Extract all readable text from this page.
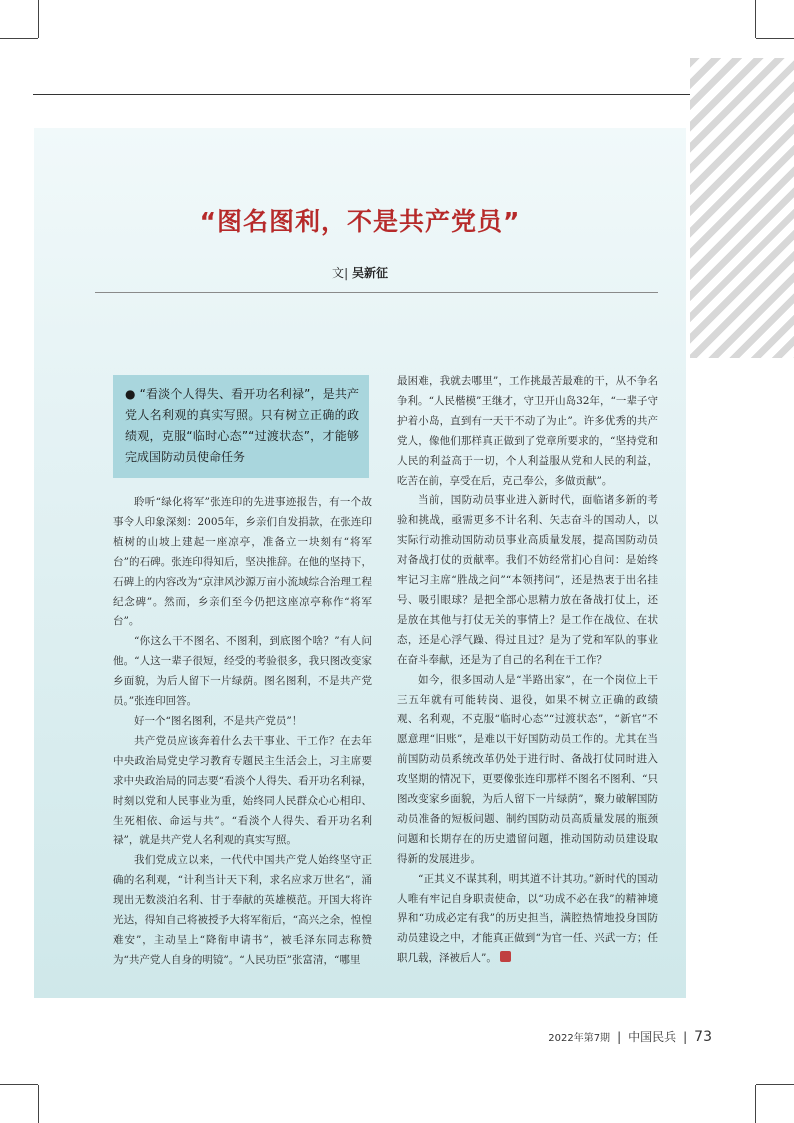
“图名图利，不是共产党员”
文| 吴新征
● “看淡个人得失、看开功名利禄”，是共产党人名利观的真实写照。只有树立正确的政绩观，克服“临时心态”“过渡状态”，才能够完成国防动员使命任务

聆听“绿化将军”张连印的先进事迹报告，有一个故事令人印象深刻：2005年，乡亲们自发捐款，在张连印植树的山坡上建起一座凉亭，准备立一块刻有“将军台”的石碑。张连印得知后，坚决推辞。在他的坚持下，石碑上的内容改为“京津风沙源万亩小流域综合治理工程纪念碑”。然而，乡亲们至今仍把这座凉亭称作“将军台”。

“你这么干不图名、不图利，到底图个啥？”有人问他。“人这一辈子很短，经受的考验很多，我只图改变家乡面貌，为后人留下一片绿荫。图名图利，不是共产党员。”张连印回答。

好一个“图名图利，不是共产党员”！

共产党员应该奔着什么去干事业、干工作？在去年中央政治局党史学习教育专题民主生活会上，习主席要求中央政治局的同志要“看淡个人得失、看开功名利禄，时刻以党和人民事业为重，始终同人民群众心心相印、生死相依、命运与共”。“看淡个人得失、看开功名利禄”，就是共产党人名利观的真实写照。

我们党成立以来，一代代中国共产党人始终坚守正确的名利观，“计利当计天下利，求名应求万世名”，涌现出无数淡泊名利、甘于奉献的英雄模范。开国大将许光达，得知自己将被授予大将军衔后，“高兴之余，惶惶难安”，主动呈上“降衔申请书”，被毛泽东同志称赞为“共产党人自身的明镜”。“人民功臣”张富清，“哪里

最困难，我就去哪里”，工作挑最苦最难的干，从不争名争利。“人民楷模”王继才，守卫开山岛32年，“一辈子守护着小岛，直到有一天干不动了为止”。许多优秀的共产党人，像他们那样真正做到了党章所要求的，“坚持党和人民的利益高于一切，个人利益服从党和人民的利益，吃苦在前，享受在后，克己奉公，多做贡献”。

当前，国防动员事业进入新时代，面临诸多新的考验和挑战，亟需更多不计名利、矢志奋斗的国动人，以实际行动推动国防动员事业高质量发展，提高国防动员对备战打仗的贡献率。我们不妨经常扪心自问：是始终牢记习主席“胜战之问”“本领拷问”，还是热衷于出名挂号、吸引眼球？是把全部心思精力放在备战打仗上，还是放在其他与打仗无关的事情上？是工作在战位、在状态，还是心浮气躁、得过且过？是为了党和军队的事业在奋斗奉献，还是为了自己的名利在干工作？

如今，很多国动人是“半路出家”，在一个岗位上干三五年就有可能转岗、退役，如果不树立正确的政绩观、名利观，不克服“临时心态”“过渡状态”，“新官”不愿意理“旧账”，是难以干好国防动员工作的。尤其在当前国防动员系统改革仍处于进行时、备战打仗同时进入攻坚期的情况下，更要像张连印那样不图名不图利、“只图改变家乡面貌，为后人留下一片绿荫”，聚力破解国防动员准备的短板问题、制约国防动员高质量发展的瓶颈问题和长期存在的历史遗留问题，推动国防动员建设取得新的发展进步。

“正其义不谋其利，明其道不计其功。”新时代的国动人唯有牢记自身职责使命，以“功成不必在我”的精神境界和“功成必定有我”的历史担当，满腔热情地投身国防动员建设之中，才能真正做到“为官一任、兴武一方；任职几载，泽被后人”。

2022年第7期 | 中国民兵 | 73
